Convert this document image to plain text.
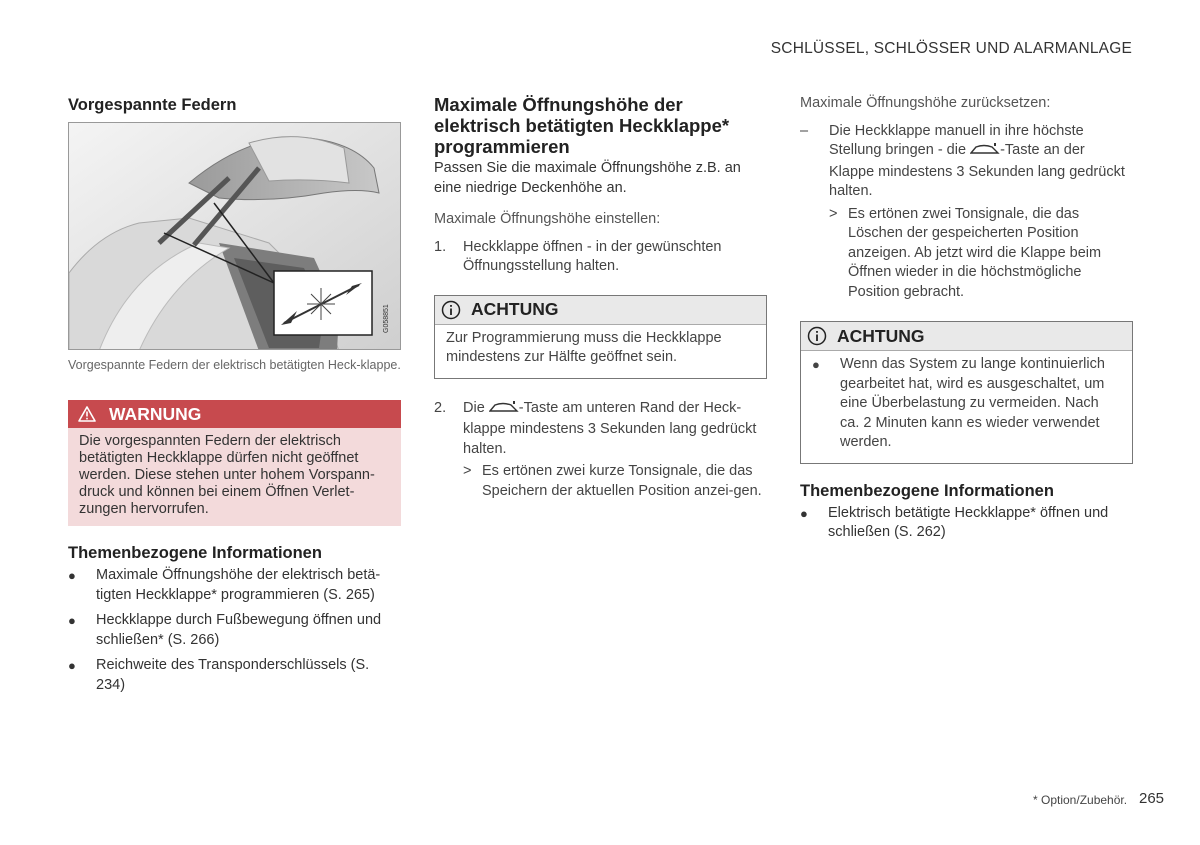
SCHLÜSSEL, SCHLÖSSER UND ALARMANLAGE
Vorgespannte Federn
G058851
Vorgespannte Federn der elektrisch betätigten Heck-klappe.
WARNUNG
Die vorgespannten Federn der elektrisch betätigten Heckklappe dürfen nicht geöffnet werden. Diese stehen unter hohem Vorspann-druck und können bei einem Öffnen Verlet-zungen hervorrufen.
Themenbezogene Informationen
●	Maximale Öffnungshöhe der elektrisch betä-tigten Heckklappe* programmieren (S. 265)
●	Heckklappe durch Fußbewegung öffnen und schließen* (S. 266)
●	Reichweite des Transponderschlüssels (S. 234)
Maximale Öffnungshöhe der elektrisch betätigten Heckklappe* programmieren
Passen Sie die maximale Öffnungshöhe z.B. an eine niedrige Deckenhöhe an.
Maximale Öffnungshöhe einstellen:
1.	Heckklappe öffnen - in der gewünschten Öffnungsstellung halten.
ACHTUNG
Zur Programmierung muss die Heckklappe mindestens zur Hälfte geöffnet sein.
2.	Die -Taste am unteren Rand der Heck-klappe mindestens 3 Sekunden lang gedrückt halten.
> Es ertönen zwei kurze Tonsignale, die das Speichern der aktuellen Position anzei-gen.
Maximale Öffnungshöhe zurücksetzen:
–	Die Heckklappe manuell in ihre höchste Stellung bringen - die -Taste an der Klappe mindestens 3 Sekunden lang gedrückt halten.
> Es ertönen zwei Tonsignale, die das Löschen der gespeicherten Position anzeigen. Ab jetzt wird die Klappe beim Öffnen wieder in die höchstmögliche Position gebracht.
ACHTUNG
●	Wenn das System zu lange kontinuierlich gearbeitet hat, wird es ausgeschaltet, um eine Überbelastung zu vermeiden. Nach ca. 2 Minuten kann es wieder verwendet werden.
Themenbezogene Informationen
●	Elektrisch betätigte Heckklappe* öffnen und schließen (S. 262)
* Option/Zubehör. 265
